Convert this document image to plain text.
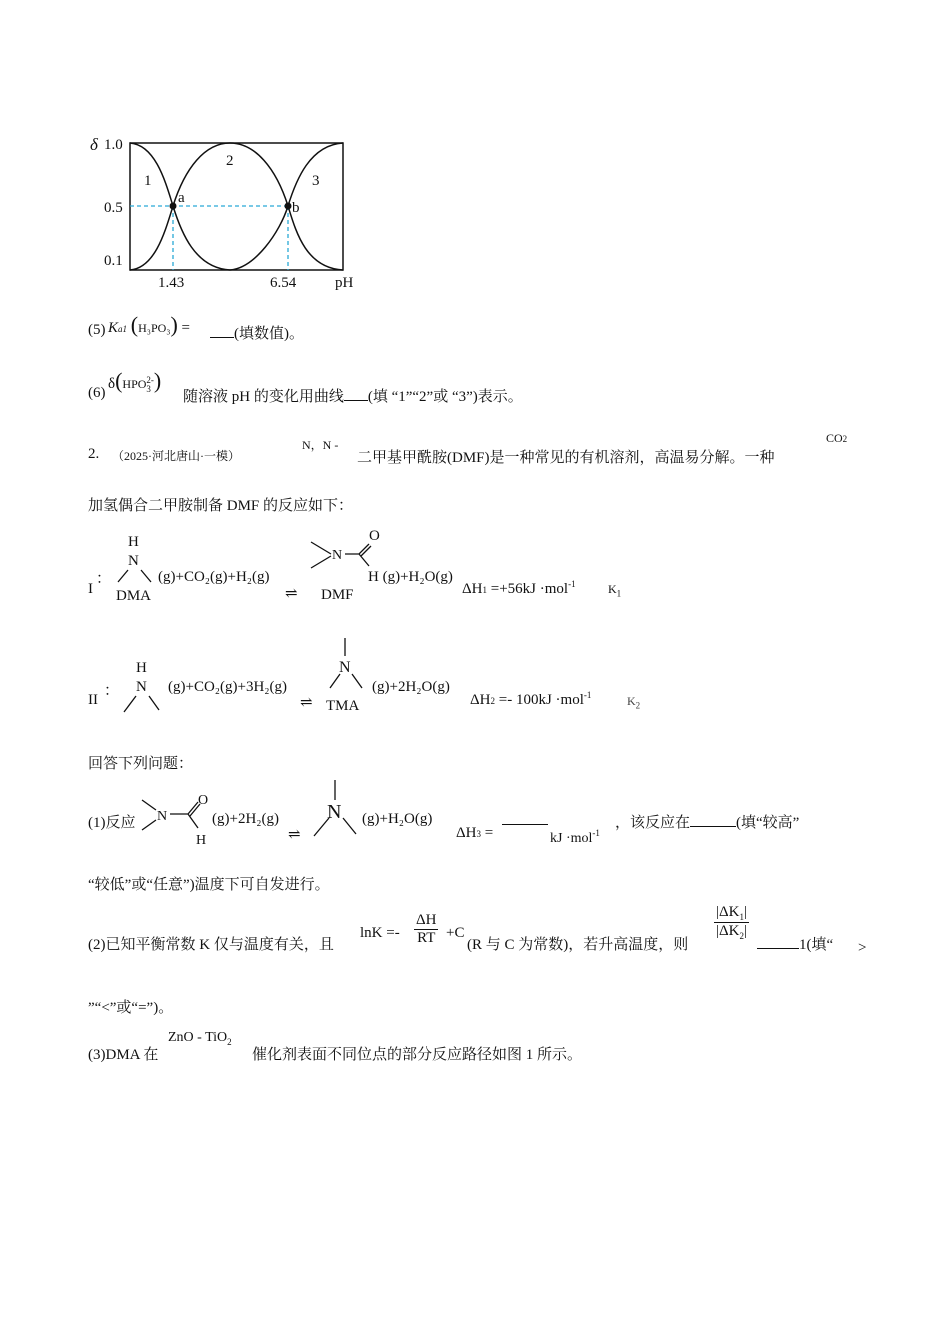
δ 1.0
0.5
0.1
a
b
1
2
3
1.43	6.54	pH
(5) Ka1 (H₃PO₃) =	(填数值)。
(6)
δ(HPO 2-
3 )
随溶液 pH 的变化用曲线 (填 “1”“2”或 “3”)表示。
2. （2025·河北唐山·一模）
N，N -
二甲基甲酰胺(DMF)是一种常见的有机溶剂，高温易分解。一种
CO2
加氢偶合二甲胺制备 DMF 的反应如下：
I
：
H
N
DMA
(g)+CO₂(g)+H₂(g)
⇌
O
N
DMF
H (g)+H₂O(g)
ΔH1 =+56kJ ·mol$^{-1}$	$K_1$
II
：
H
N (g)+CO₂(g)+3H₂(g)
⇌
N
TMA
(g)+2H₂O(g)
ΔH2 =- 100kJ ·mol$^{-1}$	$K_2$
回答下列问题：
(1)反应 N
O
H
(g)+2H₂(g)
⇌
N (g)+H₂O(g)
ΔH3 =	kJ ·mol$^{-1}$
，该反应在	(填“较高”
“较低”或“任意”)温度下可自发进行。
(2)已知平衡常数 K 仅与温度有关，且
$\ln K =- \frac{\Delta H}{RT} +C$
(R 与 C 为常数)，若升高温度，则
$\frac{|\Delta K_1|}{|\Delta K_2|}$
1(填“ >
”“<”或“=”)。
(3)DMA 在
ZnO - TiO$_2$
催化剂表面不同位点的部分反应路径如图 1 所示。
